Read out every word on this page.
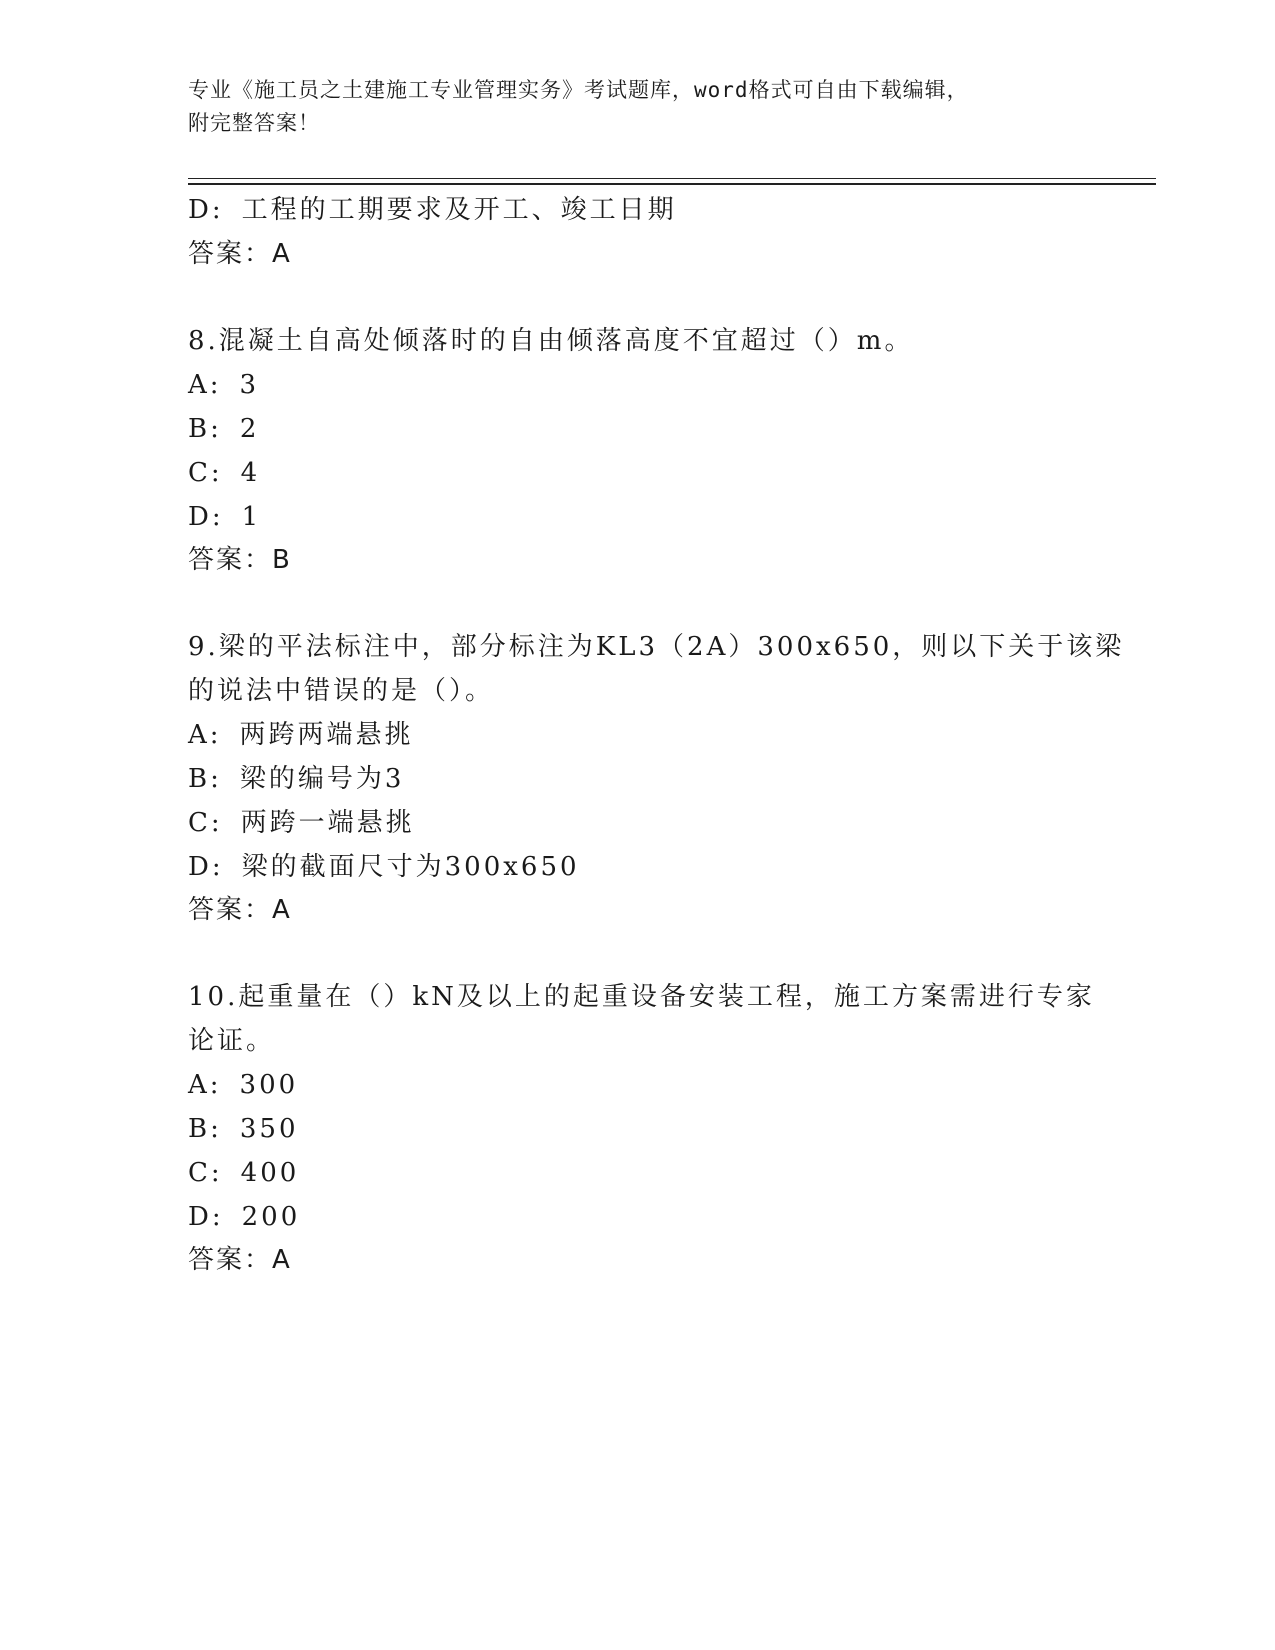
专业《施工员之土建施工专业管理实务》考试题库，word格式可自由下载编辑，
附完整答案！
D: 工程的工期要求及开工、竣工日期
答案：A
8.混凝土自高处倾落时的自由倾落高度不宜超过（）m。
A: 3
B: 2
C: 4
D: 1
答案：B
9.梁的平法标注中，部分标注为KL3（2A）300x650，则以下关于该梁
的说法中错误的是（）。
A: 两跨两端悬挑
B: 梁的编号为3
C: 两跨一端悬挑
D: 梁的截面尺寸为300x650
答案：A
10.起重量在（）kN及以上的起重设备安装工程，施工方案需进行专家
论证。
A: 300
B: 350
C: 400
D: 200
答案：A
